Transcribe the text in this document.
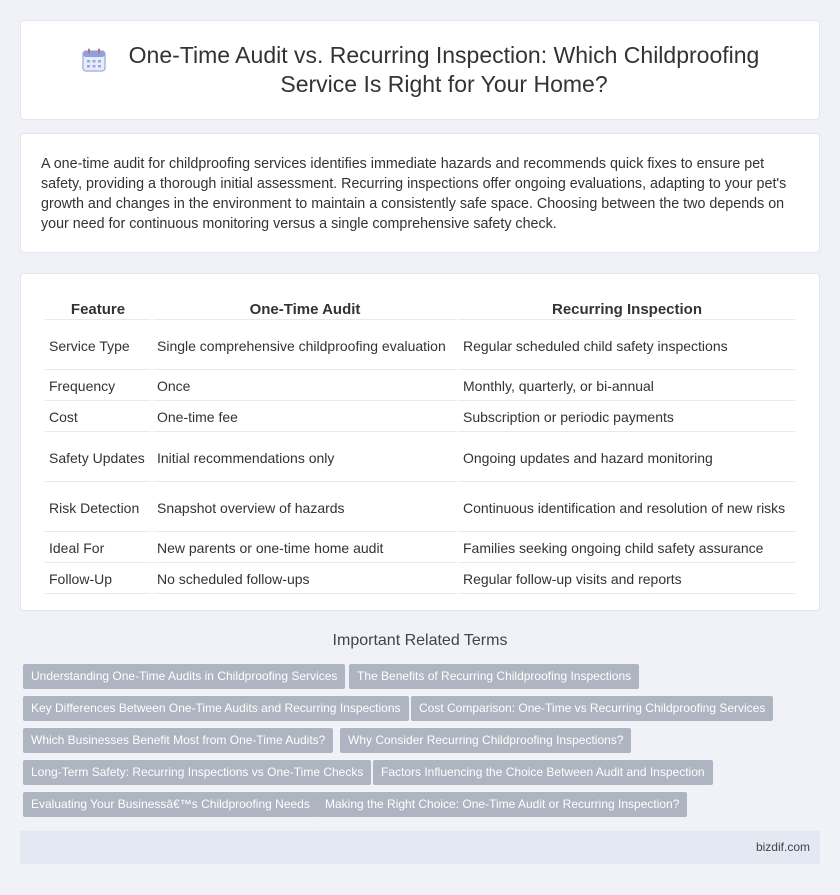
One-Time Audit vs. Recurring Inspection: Which Childproofing
Service Is Right for Your Home?

A one-time audit for childproofing services identifies immediate hazards and recommends quick fixes to ensure pet safety, providing a thorough initial assessment. Recurring inspections offer ongoing evaluations, adapting to your pet's growth and changes in the environment to maintain a consistently safe space. Choosing between the two depends on your need for continuous monitoring versus a single comprehensive safety check.

Feature	One-Time Audit	Recurring Inspection
Service Type	Single comprehensive childproofing evaluation	Regular scheduled child safety inspections
Frequency	Once	Monthly, quarterly, or bi-annual
Cost	One-time fee	Subscription or periodic payments
Safety Updates	Initial recommendations only	Ongoing updates and hazard monitoring
Risk Detection	Snapshot overview of hazards	Continuous identification and resolution of new risks
Ideal For	New parents or one-time home audit	Families seeking ongoing child safety assurance
Follow-Up	No scheduled follow-ups	Regular follow-up visits and reports
Important Related Terms
Understanding One-Time Audits in Childproofing Services	The Benefits of Recurring Childproofing Inspections
Key Differences Between One-Time Audits and Recurring Inspections	Cost Comparison: One-Time vs Recurring Childproofing Services
Which Businesses Benefit Most from One-Time Audits?	Why Consider Recurring Childproofing Inspections?
Long-Term Safety: Recurring Inspections vs One-Time Checks	Factors Influencing the Choice Between Audit and Inspection
Evaluating Your Businessâ€™s Childproofing Needs	Making the Right Choice: One-Time Audit or Recurring Inspection?
bizdif.com
